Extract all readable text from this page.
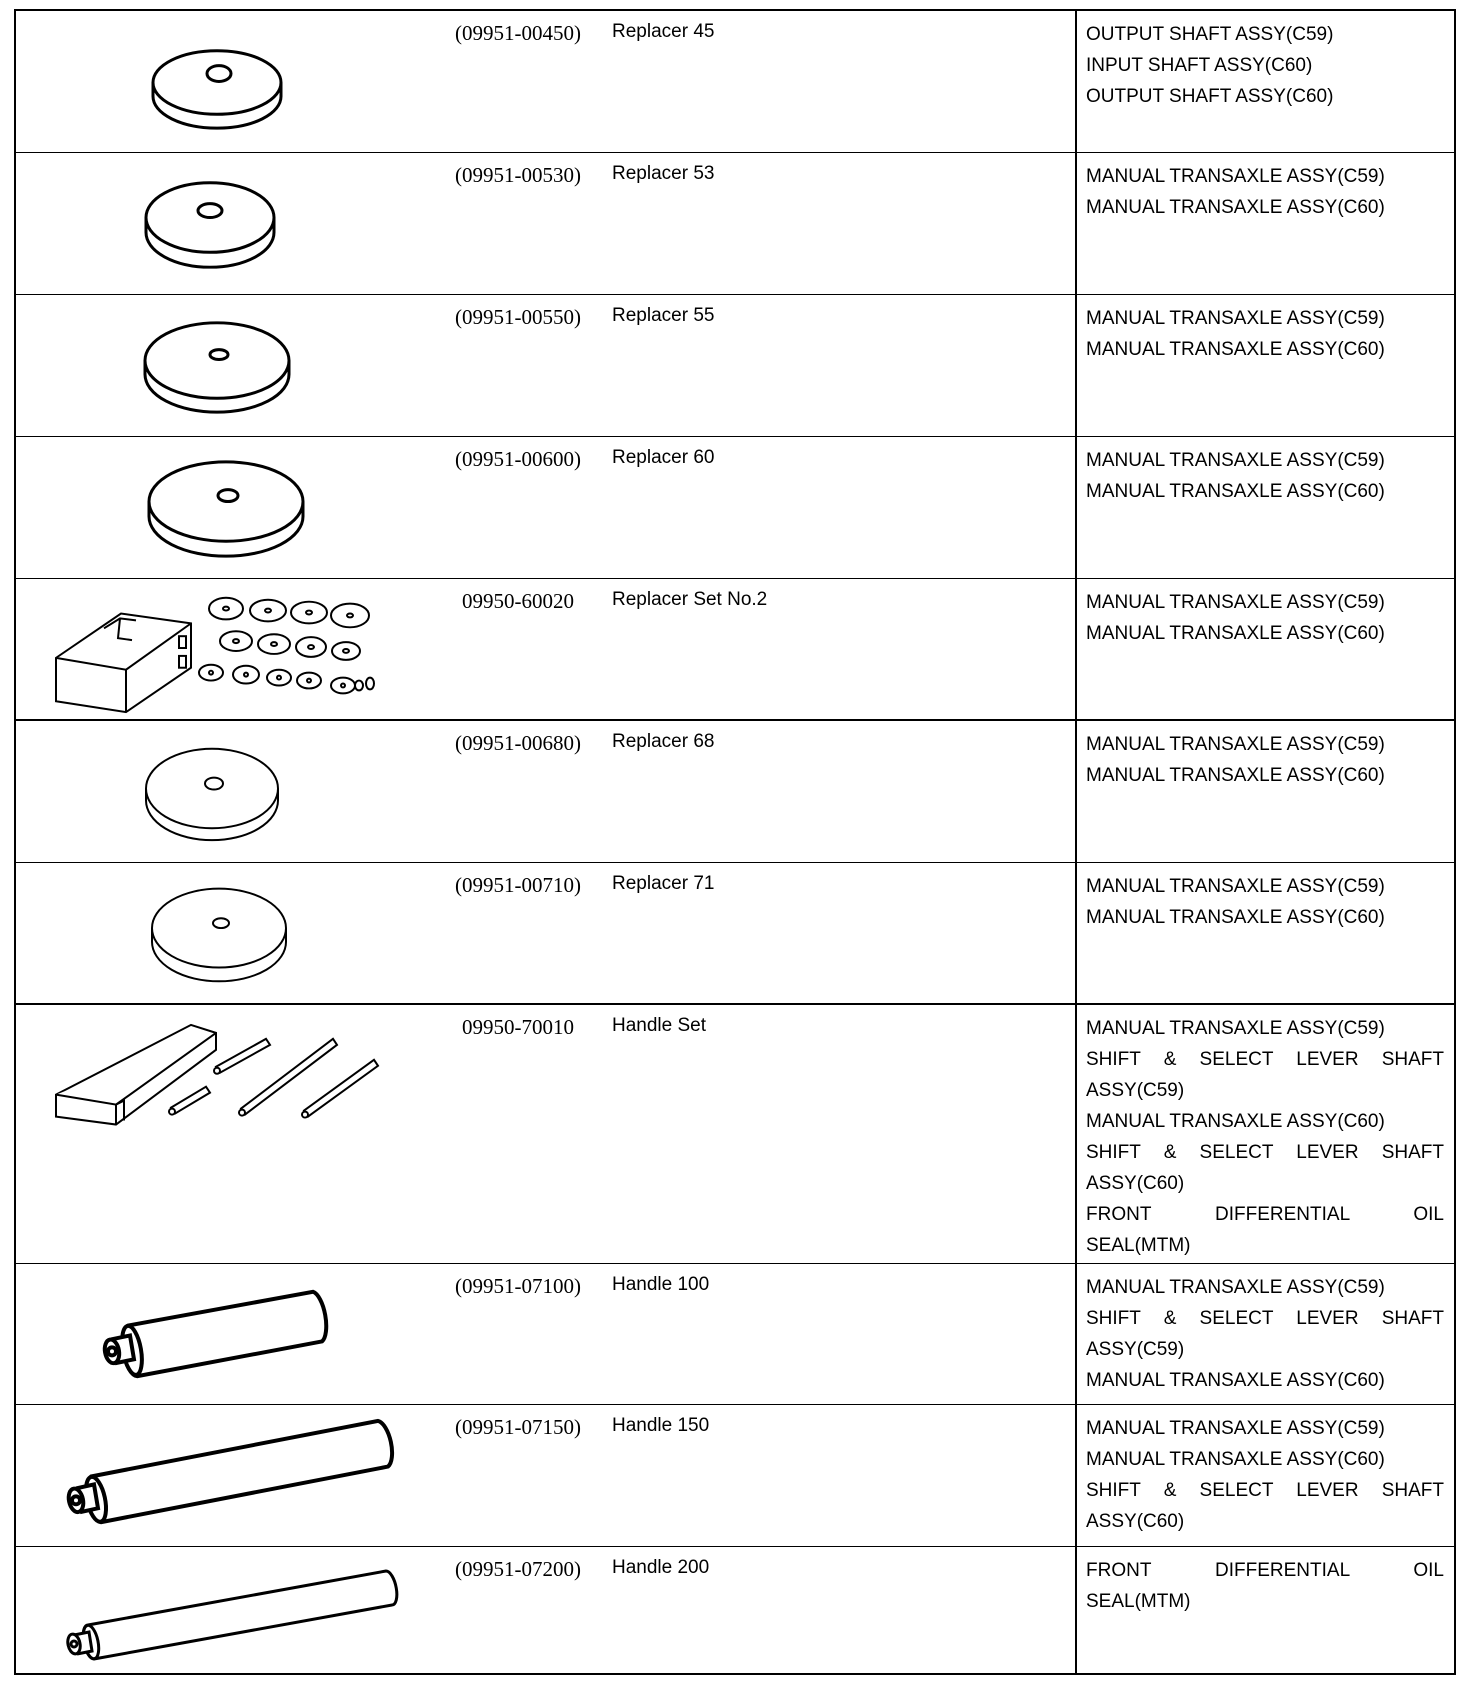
(09951-00450)	Replacer 45	OUTPUT SHAFT ASSY(C59)
INPUT SHAFT ASSY(C60)
OUTPUT SHAFT ASSY(C60)
(09951-00530)	Replacer 53	MANUAL TRANSAXLE ASSY(C59)
MANUAL TRANSAXLE ASSY(C60)
(09951-00550)	Replacer 55	MANUAL TRANSAXLE ASSY(C59)
MANUAL TRANSAXLE ASSY(C60)
(09951-00600)	Replacer 60	MANUAL TRANSAXLE ASSY(C59)
MANUAL TRANSAXLE ASSY(C60)
09950-60020	Replacer Set No.2	MANUAL TRANSAXLE ASSY(C59)
MANUAL TRANSAXLE ASSY(C60)
(09951-00680)	Replacer 68	MANUAL TRANSAXLE ASSY(C59)
MANUAL TRANSAXLE ASSY(C60)
(09951-00710)	Replacer 71	MANUAL TRANSAXLE ASSY(C59)
MANUAL TRANSAXLE ASSY(C60)
09950-70010	Handle Set	MANUAL TRANSAXLE ASSY(C59)
SHIFT & SELECT LEVER SHAFT
ASSY(C59)
MANUAL TRANSAXLE ASSY(C60)
SHIFT & SELECT LEVER SHAFT
ASSY(C60)
FRONT DIFFERENTIAL OIL
SEAL(MTM)
(09951-07100)	Handle 100	MANUAL TRANSAXLE ASSY(C59)
SHIFT & SELECT LEVER SHAFT
ASSY(C59)
MANUAL TRANSAXLE ASSY(C60)
(09951-07150)	Handle 150	MANUAL TRANSAXLE ASSY(C59)
MANUAL TRANSAXLE ASSY(C60)
SHIFT & SELECT LEVER SHAFT
ASSY(C60)
(09951-07200)	Handle 200	FRONT DIFFERENTIAL OIL
SEAL(MTM)
